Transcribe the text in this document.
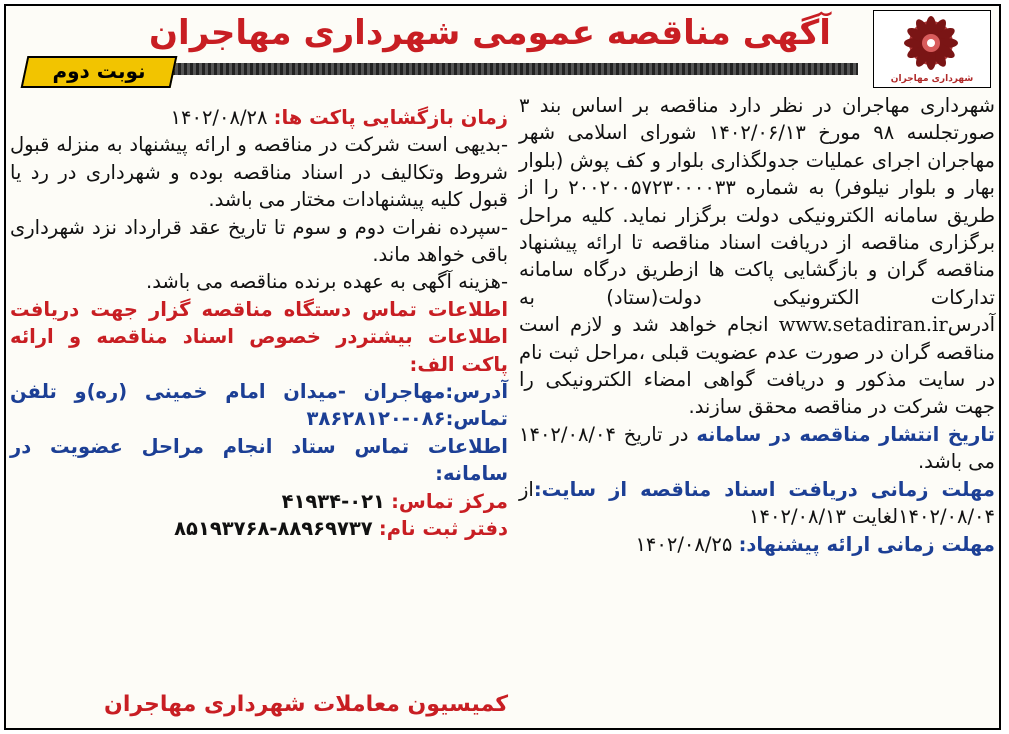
شهرداری مهاجران
آگهی مناقصه عمومی شهرداری مهاجران
نوبت دوم

شهرداری مهاجران در نظر دارد مناقصه بر اساس بند ۳ صورتجلسه ۹۸ مورخ ۱۴۰۲/۰۶/۱۳ شورای اسلامی شهر مهاجران اجرای عملیات جدولگذاری بلوار و کف پوش (بلوار بهار و بلوار نیلوفر) به شماره ۲۰۰۲۰۰۵۷۲۳۰۰۰۰۳۳ را از طریق سامانه الکترونیکی دولت برگزار نماید. کلیه مراحل برگزاری مناقصه از دریافت اسناد مناقصه تا ارائه پیشنهاد مناقصه گران و بازگشایی پاکت ها ازطریق درگاه سامانه تدارکات الکترونیکی دولت(ستاد) به آدرسwww.setadiran.ir انجام خواهد شد و لازم است مناقصه گران در صورت عدم عضویت قبلی ،مراحل ثبت نام در سایت مذکور و دریافت گواهی امضاء الکترونیکی را جهت شرکت در مناقصه محقق سازند.

تاریخ انتشار مناقصه در سامانه در تاریخ ۱۴۰۲/۰۸/۰۴ می باشد.

مهلت زمانی دریافت اسناد مناقصه از سایت:از ۱۴۰۲/۰۸/۰۴لغایت ۱۴۰۲/۰۸/۱۳

مهلت زمانی ارائه پیشنهاد: ۱۴۰۲/۰۸/۲۵

زمان بازگشایی پاکت ها: ۱۴۰۲/۰۸/۲۸

-بدیهی است شرکت در مناقصه و ارائه پیشنهاد به منزله قبول شروط وتکالیف در اسناد مناقصه بوده و شهرداری در رد یا قبول کلیه پیشنهادات مختار می باشد.

-سپرده نفرات دوم و سوم تا تاریخ عقد قرارداد نزد شهرداری باقی خواهد ماند.

-هزینه آگهی به عهده برنده مناقصه می باشد.

اطلاعات تماس دستگاه مناقصه گزار جهت دریافت اطلاعات بیشتردر خصوص اسناد مناقصه و ارائه پاکت الف:

آدرس:مهاجران -میدان امام خمینی (ره)و تلفن تماس:۰۸۶-۳۸۶۲۸۱۲۰

اطلاعات تماس ستاد انجام مراحل عضویت در سامانه:

مرکز تماس: ۰۲۱-۴۱۹۳۴

دفتر ثبت نام: ۸۸۹۶۹۷۳۷-۸۵۱۹۳۷۶۸

کمیسیون معاملات شهرداری مهاجران
